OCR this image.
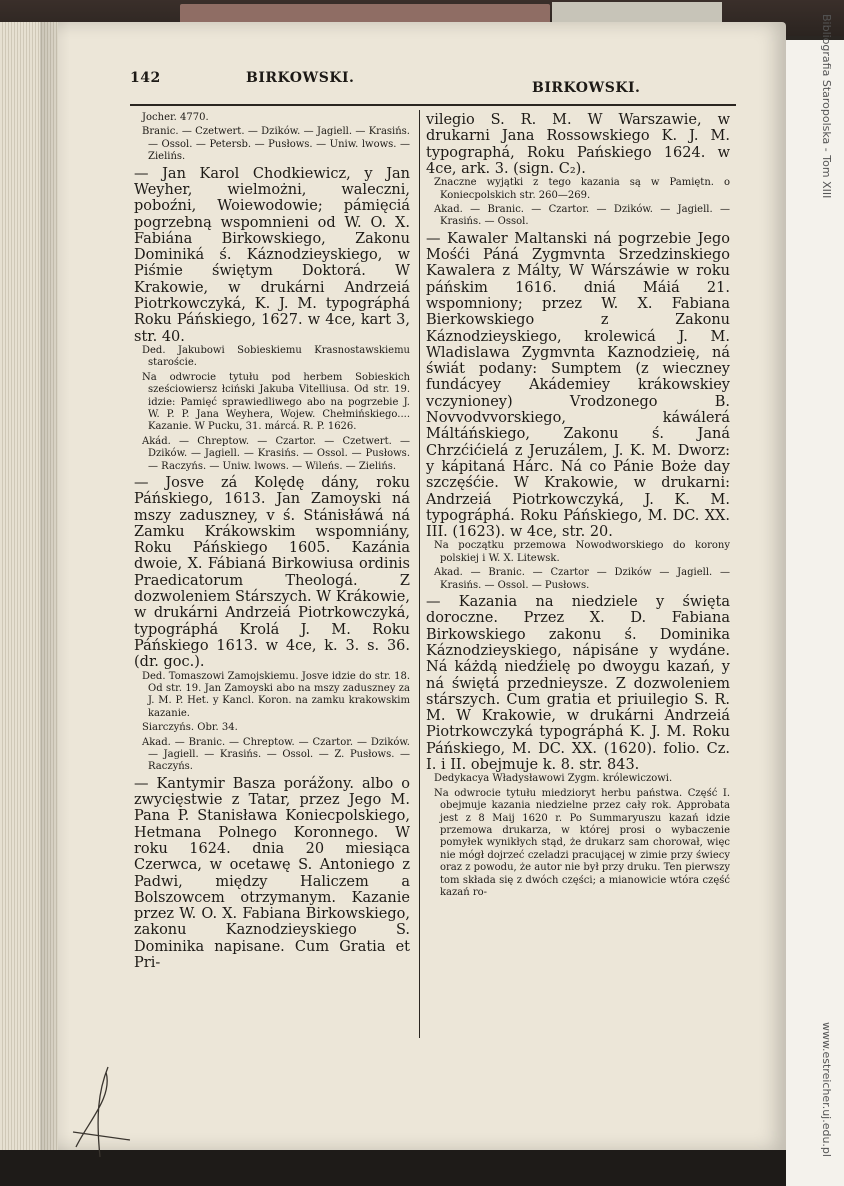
Bibliografia Staropolska - Tom XIII
www.estreicher.uj.edu.pl
142	BIRKOWSKI.
BIRKOWSKI.

Jocher. 4770.

Branic. — Czetwert. — Dzików. — Jagiell. — Krasińs. — Ossol. — Petersb. — Pusłows. — Uniw. lwows. — Zielińs.

— Jan Karol Chodkiewicz, y Jan Weyher, wielmożni, waleczni, poboźni, Woiewodowie; pámięciá pogrzebną wspomnieni od W. O. X. Fabiána Birkowskiego, Zakonu Dominiká ś. Káznodzieyskiego, w Piśmie świętym Doktorá. W Krakowie, w drukárni Andrzeiá Piotrkowczyká, K. J. M. typográphá Roku Páńskiego, 1627. w 4ce, kart 3, str. 40.

Ded. Jakubowi Sobieskiemu Krasnostawskiemu staroście.

Na odwrocie tytułu pod herbem Sobieskich sześciowiersz łciński Jakuba Vitelliusa. Od str. 19. idzie: Pamięć sprawiedliwego abo na pogrzebie J. W. P. P. Jana Weyhera, Wojew. Chełmińskiego.... Kazanie. W Pucku, 31. márcá. R. P. 1626.

Akád. — Chreptow. — Czartor. — Czetwert. — Dzików. — Jagiell. — Krasińs. — Ossol. — Pusłows. — Raczyńs. — Uniw. lwows. — Wileńs. — Zielińs.

— Josve zá Kolędę dány, roku Páńskiego, 1613. Jan Zamoyski ná mszy zaduszney, v ś. Stánisłáwá ná Zamku Krákowskim wspomniány, Roku Páńskiego 1605. Kazánia dwoie, X. Fábianá Birkowiusa ordinis Praedicatorum Theologá. Z dozwoleniem Stárszych. W Krákowie, w drukárni Andrzeiá Piotrkowczyká, typográphá Krolá J. M. Roku Páńskiego 1613. w 4ce, k. 3. s. 36. (dr. goc.).

Ded. Tomaszowi Zamojskiemu. Josve idzie do str. 18. Od str. 19. Jan Zamoyski abo na mszy zaduszney za J. M. P. Het. y Kancl. Koron. na zamku krakowskim kazanie.

Siarczyńs. Obr. 34.

Akad. — Branic. — Chreptow. — Czartor. — Dzików. — Jagiell. — Krasińs. — Ossol. — Z. Pusłows. — Raczyńs.

— Kantymir Basza porážony. albo o zwycięstwie z Tatar, przez Jego M. Pana P. Stanisława Koniecpolskiego, Hetmana Polnego Koronnego. W roku 1624. dnia 20 miesiąca Czerwca, w ocetawę S. Antoniego z Padwi, między Haliczem a Bolszowcem otrzymanym. Kazanie przez W. O. X. Fabiana Birkowskiego, zakonu Kaznodzieyskiego S. Dominika napisane. Cum Gratia et Pri-

vilegio S. R. M. W Warszawie, w drukarni Jana Rossowskiego K. J. M. typographá, Roku Pańskiego 1624. w 4ce, ark. 3. (sign. C₂).

Znaczne wyjątki z tego kazania są w Pamiętn. o Koniecpolskich str. 260—269.

Akad. — Branic. — Czartor. — Dzików. — Jagiell. — Krasińs. — Ossol.

— Kawaler Maltanski ná pogrzebie Jego Mośći Páná Zygmvnta Srzedzinskiego Kawalera z Málty, W Wárszáwie w roku páńskim 1616. dniá Máiá 21. wspomniony; przez W. X. Fabiana Bierkowskiego z Zakonu Káznodzieyskiego, krolewicá J. M. Wladislawa Zygmvnta Kaznodzieię, ná świát podany: Sumptem (z wieczney fundácyey Akádemiey krákowskiey vczynioney) Vrodzonego B. Novvodvvorskiego, káwálerá Máltáńskiego, Zakonu ś. Janá Chrzćićielá z Jeruzálem, J. K. M. Dworz: y kápitaná Hárc. Ná co Pánie Boże day szczęśćie. W Krakowie, w drukarni: Andrzeiá Piotrkowczyká, J. K. M. typográphá. Roku Páńskiego, M. DC. XX. III. (1623). w 4ce, str. 20.

Na początku przemowa Nowodworskiego do korony polskiej i W. X. Litewsk.

Akad. — Branic. — Czartor — Dzików — Jagiell. — Krasińs. — Ossol. — Pusłows.

— Kazania na niedziele y święta doroczne. Przez X. D. Fabiana Birkowskiego zakonu ś. Dominika Káznodzieyskiego, nápisáne y wydáne. Ná káżdą niedźielę po dwoygu kazań, y ná świętá przednieysze. Z dozwoleniem stárszych. Cum gratia et priuilegio S. R. M. W Krakowie, w drukárni Andrzeiá Piotrkowczyká typográphá K. J. M. Roku Páńskiego, M. DC. XX. (1620). folio. Cz. I. i II. obejmuje k. 8. str. 843.

Dedykacya Władysławowi Zygm. królewiczowi.

Na odwrocie tytułu miedzioryt herbu państwa. Część I. obejmuje kazania niedzielne przez cały rok. Approbata jest z 8 Maij 1620 r. Po Summaryuszu kazań idzie przemowa drukarza, w której prosi o wybaczenie pomyłek wynikłych stąd, że drukarz sam chorował, więc nie mógł dojrzeć czeladzi pracującej w zimie przy świecy oraz z powodu, że autor nie był przy druku. Ten pierwszy tom składa się z dwóch części; a mianowicie wtóra część kazań ro-
